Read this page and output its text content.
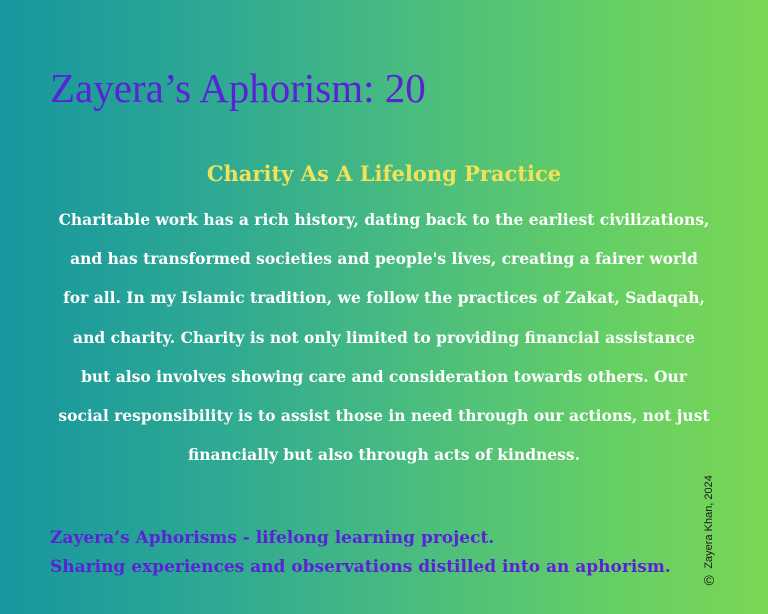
Zayera’s Aphorism: 20
Charity As A Lifelong Practice

Charitable work has a rich history, dating back to the earliest civilizations, and has transformed societies and people's lives, creating a fairer world for all. In my Islamic tradition, we follow the practices of Zakat, Sadaqah, and charity. Charity is not only limited to providing financial assistance but also involves showing care and consideration towards others. Our social responsibility is to assist those in need through our actions, not just financially but also through acts of kindness.

Zayera’s Aphorisms - lifelong learning project.
Sharing experiences and observations distilled into an aphorism.
©
Zayera Khan, 2024
